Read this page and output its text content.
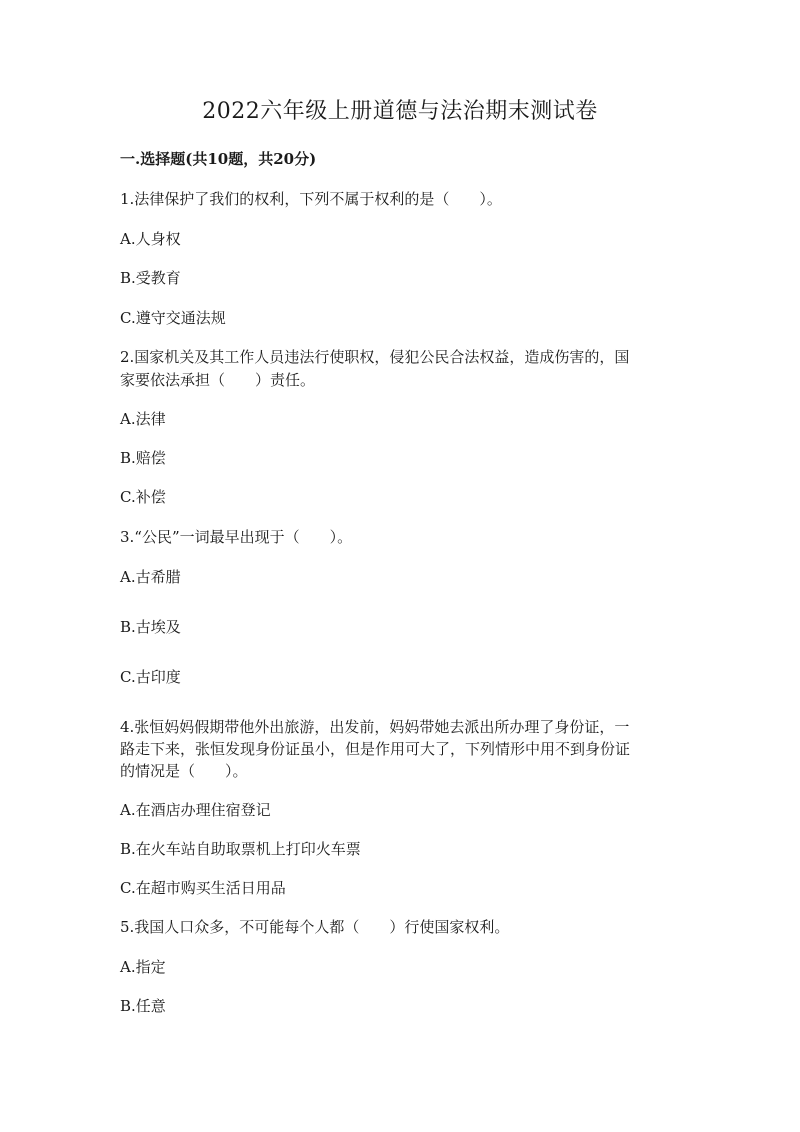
2022六年级上册道德与法治期末测试卷
一.选择题(共10题，共20分)
1.法律保护了我们的权利，下列不属于权利的是（　　）。
A.人身权
B.受教育
C.遵守交通法规
2.国家机关及其工作人员违法行使职权，侵犯公民合法权益，造成伤害的，国
家要依法承担（　　）责任。
A.法律
B.赔偿
C.补偿
3.“公民”一词最早出现于（　　）。
A.古希腊
B.古埃及
C.古印度
4.张恒妈妈假期带他外出旅游，出发前，妈妈带她去派出所办理了身份证，一
路走下来，张恒发现身份证虽小，但是作用可大了，下列情形中用不到身份证
的情况是（　　）。
A.在酒店办理住宿登记
B.在火车站自助取票机上打印火车票
C.在超市购买生活日用品
5.我国人口众多，不可能每个人都（　　）行使国家权利。
A.指定
B.任意
